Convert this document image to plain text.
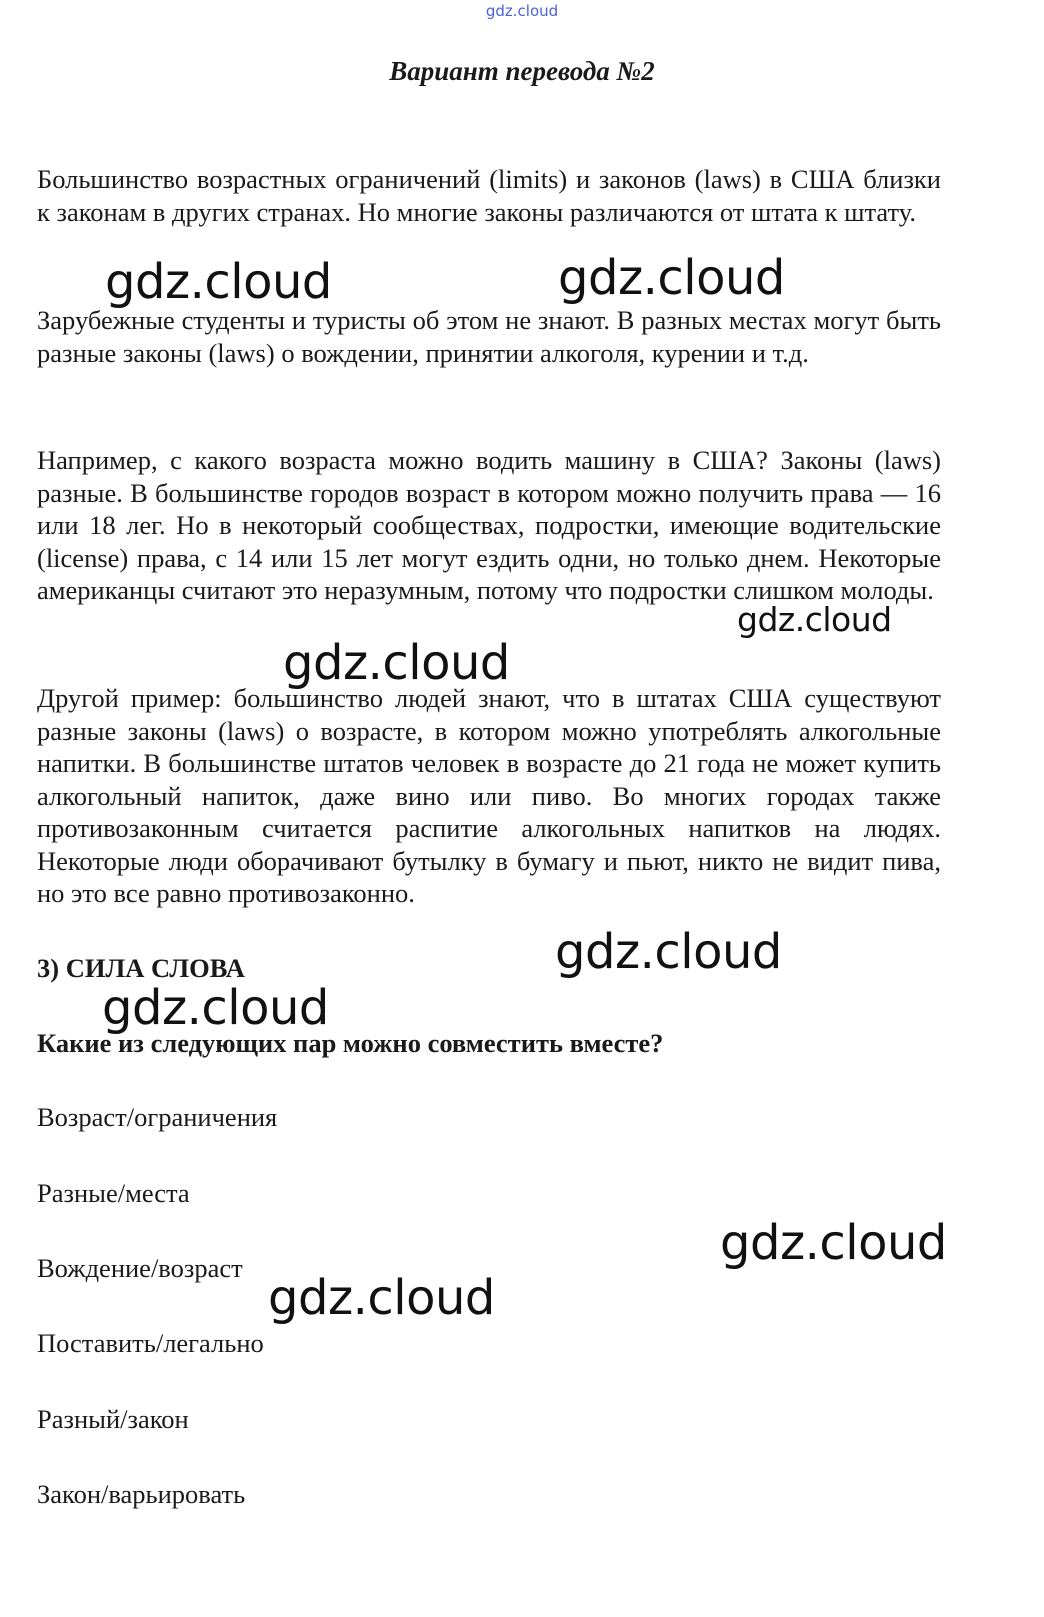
gdz.cloud
Вариант перевода №2

Большинство возрастных ограничений (limits) и законов (laws) в США близки к законам в других странах. Но многие законы различаются от штата к штату.

Зарубежные студенты и туристы об этом не знают. В разных местах могут быть разные законы (laws) о вождении, принятии алкоголя, курении и т.д.

Например, с какого возраста можно водить машину в США? Законы (laws) разные. В большинстве городов возраст в котором можно получить права — 16 или 18 лег. Но в некоторый сообществах, подростки, имеющие водительские (license) права, с 14 или 15 лет могут ездить одни, но только днем. Некоторые американцы считают это неразумным, потому что подростки слишком молоды.

Другой пример: большинство людей знают, что в штатах США существуют разные законы (laws) о возрасте, в котором можно употреблять алкогольные напитки. В большинстве штатов человек в возрасте до 21 года не может купить алкогольный напиток, даже вино или пиво. Во многих городах также противозаконным считается распитие алкогольных напитков на людях. Некоторые люди оборачивают бутылку в бумагу и пьют, никто не видит пива, но это все равно противозаконно.

3) СИЛА СЛОВА
Какие из следующих пар можно совместить вместе?
Возраст/ограничения
Разные/места
Вождение/возраст
Поставить/легально
Разный/закон
Закон/варьировать
gdz.cloud	gdz.cloud
gdz.cloud
gdz.cloud
gdz.cloud
gdz.cloud
gdz.cloud
gdz.cloud
